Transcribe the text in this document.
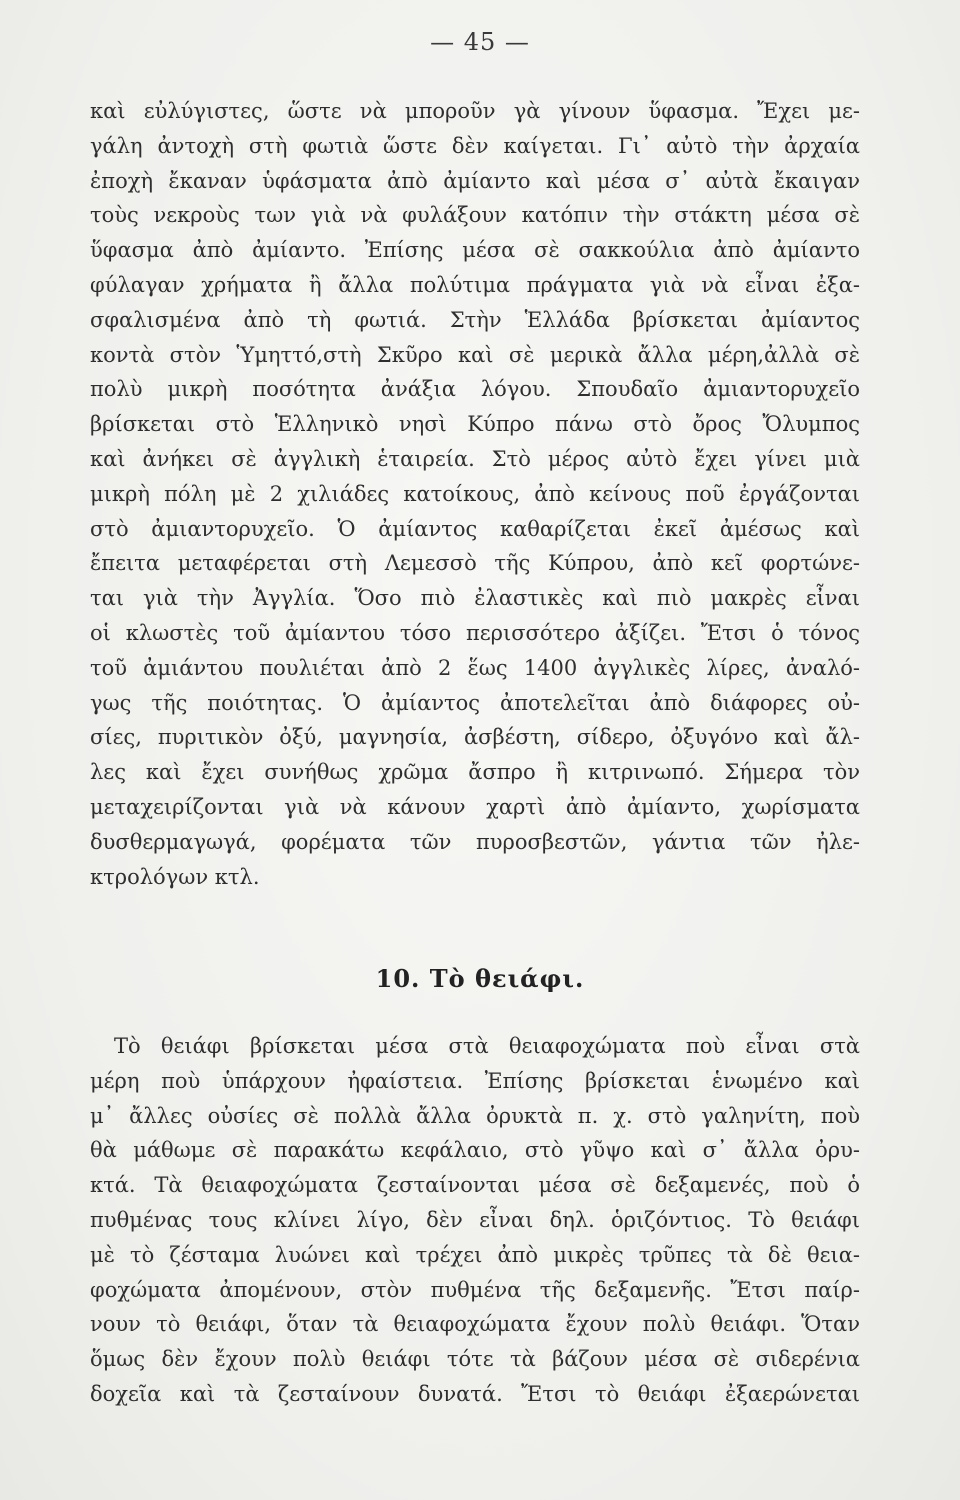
— 45 —
καὶ εὐλύγιστες, ὥστε νὰ μποροῦν γὰ γίνουν ὕφασμα. Ἔχει με-
γάλη ἀντοχὴ στὴ φωτιὰ ὥστε δὲν καίγεται. Γι᾽ αὐτὸ τὴν ἀρχαία
ἐποχὴ ἔκαναν ὑφάσματα ἀπὸ ἀμίαντο καὶ μέσα σ᾽ αὐτὰ ἔκαιγαν
τοὺς νεκροὺς των γιὰ νὰ φυλάξουν κατόπιν τὴν στάκτη μέσα σὲ
ὕφασμα ἀπὸ ἀμίαντο. Ἐπίσης μέσα σὲ σακκούλια ἀπὸ ἀμίαντο
φύλαγαν χρήματα ἢ ἄλλα πολύτιμα πράγματα γιὰ νὰ εἶναι ἐξα-
σφαλισμένα ἀπὸ τὴ φωτιά. Στὴν Ἑλλάδα βρίσκεται ἀμίαντος
κοντὰ στὸν Ὑμηττό,στὴ Σκῦρο καὶ σὲ μερικὰ ἄλλα μέρη,ἀλλὰ σὲ
πολὺ μικρὴ ποσότητα ἀνάξια λόγου. Σπουδαῖο ἀμιαντορυχεῖο
βρίσκεται στὸ Ἑλληνικὸ νησὶ Κύπρο πάνω στὸ ὄρος Ὄλυμπος
καὶ ἀνήκει σὲ ἀγγλικὴ ἑταιρεία. Στὸ μέρος αὐτὸ ἔχει γίνει μιὰ
μικρὴ πόλη μὲ 2 χιλιάδες κατοίκους, ἀπὸ κείνους ποῦ ἐργάζονται
στὸ ἀμιαντορυχεῖο. Ὁ ἀμίαντος καθαρίζεται ἐκεῖ ἀμέσως καὶ
ἔπειτα μεταφέρεται στὴ Λεμεσσὸ τῆς Κύπρου, ἀπὸ κεῖ φορτώνε-
ται γιὰ τὴν Ἀγγλία. Ὅσο πιὸ ἐλαστικὲς καὶ πιὸ μακρὲς εἶναι
οἱ κλωστὲς τοῦ ἀμίαντου τόσο περισσότερο ἀξίζει. Ἔτσι ὁ τόνος
τοῦ ἀμιάντου πουλιέται ἀπὸ 2 ἕως 1400 ἀγγλικὲς λίρες, ἀναλό-
γως τῆς ποιότητας. Ὁ ἀμίαντος ἀποτελεῖται ἀπὸ διάφορες οὐ-
σίες, πυριτικὸν ὀξύ, μαγνησία, ἀσβέστη, σίδερο, ὀξυγόνο καὶ ἄλ-
λες καὶ ἔχει συνήθως χρῶμα ἄσπρο ἢ κιτρινωπό. Σήμερα τὸν
μεταχειρίζονται γιὰ νὰ κάνουν χαρτὶ ἀπὸ ἀμίαντο, χωρίσματα
δυσθερμαγωγά, φορέματα τῶν πυροσβεστῶν, γάντια τῶν ἠλε-
κτρολόγων κτλ.
10. Τὸ θειάφι.
Τὸ θειάφι βρίσκεται μέσα στὰ θειαφοχώματα ποὺ εἶναι στὰ
μέρη ποὺ ὑπάρχουν ἠφαίστεια. Ἐπίσης βρίσκεται ἑνωμένο καὶ
μ᾽ ἄλλες οὐσίες σὲ πολλὰ ἄλλα ὀρυκτὰ π. χ. στὸ γαληνίτη, ποὺ
θὰ μάθωμε σὲ παρακάτω κεφάλαιο, στὸ γῦψο καὶ σ᾽ ἄλλα ὀρυ-
κτά. Τὰ θειαφοχώματα ζεσταίνονται μέσα σὲ δεξαμενές, ποὺ ὁ
πυθμένας τους κλίνει λίγο, δὲν εἶναι δηλ. ὁριζόντιος. Τὸ θειάφι
μὲ τὸ ζέσταμα λυώνει καὶ τρέχει ἀπὸ μικρὲς τρῦπες τὰ δὲ θεια-
φοχώματα ἀπομένουν, στὸν πυθμένα τῆς δεξαμενῆς. Ἔτσι παίρ-
νουν τὸ θειάφι, ὅταν τὰ θειαφοχώματα ἔχουν πολὺ θειάφι. Ὅταν
ὅμως δὲν ἔχουν πολὺ θειάφι τότε τὰ βάζουν μέσα σὲ σιδερένια
δοχεῖα καὶ τὰ ζεσταίνουν δυνατά. Ἔτσι τὸ θειάφι ἐξαερώνεται
